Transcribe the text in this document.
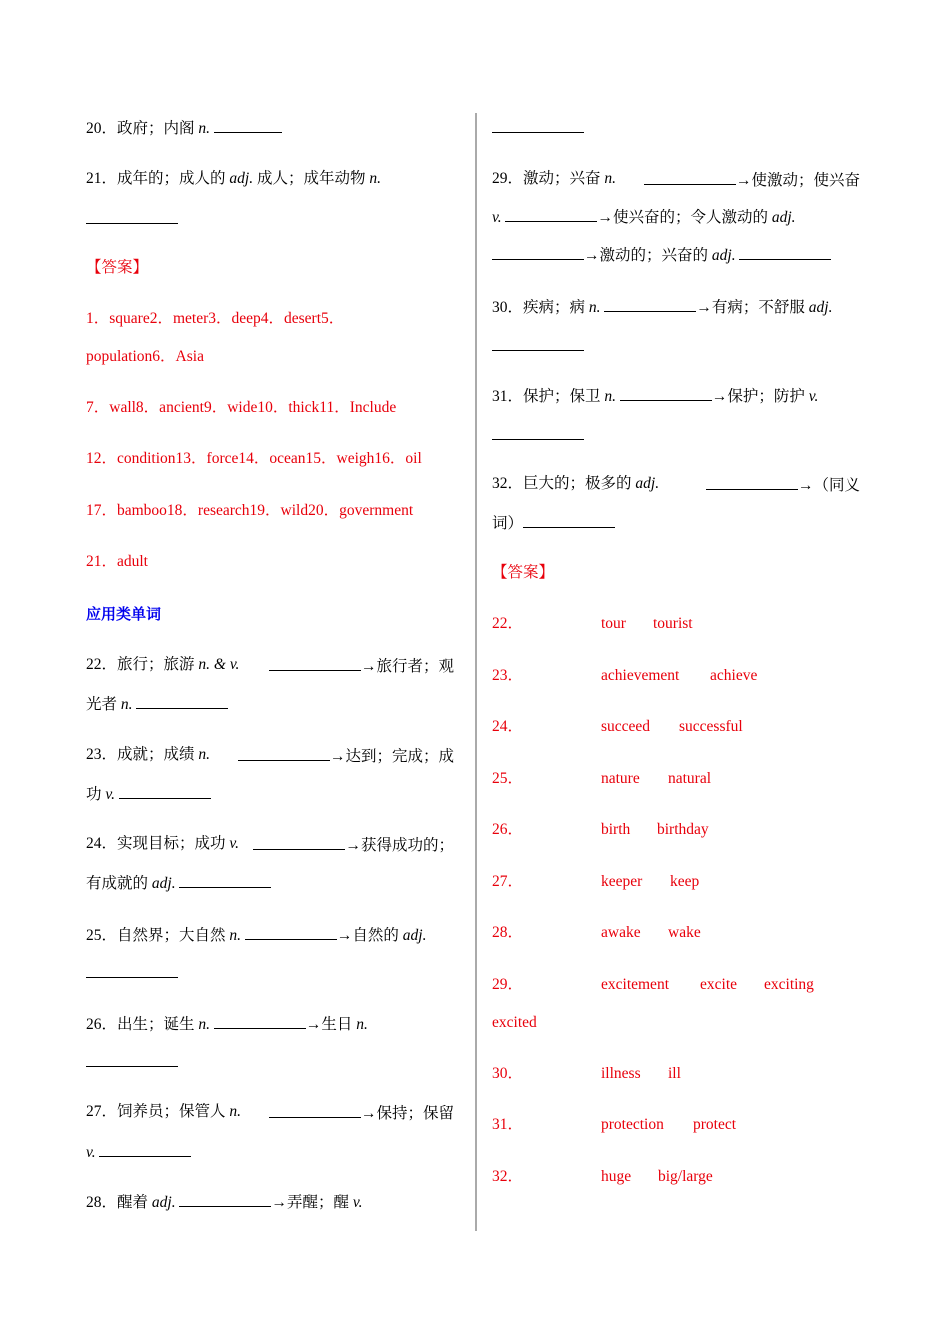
20．政府；内阁 n.
21．成年的；成人的 adj. 成人；成年动物 n.
【答案】
1．square2．meter3．deep4．desert5．
population6．Asia
7．wall8．ancient9．wide10．thick11．Include
12．condition13．force14．ocean15．weigh16．oil
17．bamboo18．research19．wild20．government
21．adult
应用类单词
22．旅行；旅游 n. & v.	→旅行者；观
光者 n.
23．成就；成绩 n.	→达到；完成；成
功 v.
24．实现目标；成功 v.	→获得成功的；
有成就的 adj.
25．自然界；大自然 n.	→自然的 adj.
26．出生；诞生 n.	→生日 n.
27．饲养员；保管人 n.	→保持；保留
v.
28．醒着 adj.	→弄醒；醒 v.
29．激动；兴奋 n.	→使激动；使兴奋
v.	→使兴奋的；令人激动的 adj.
→激动的；兴奋的 adj.
30．疾病；病 n.	→有病；不舒服 adj.
31．保护；保卫 n.	→保护；防护 v.
32．巨大的；极多的 adj.	→（同义
词）
【答案】
22．	tour tourist
23．	achievement achieve
24．	succeed successful
25．	nature natural
26．	birth birthday
27．	keeper keep
28．	awake wake
29．	excitement excite exciting
excited
30．	illness ill
31．	protection protect
32．	huge big/large
